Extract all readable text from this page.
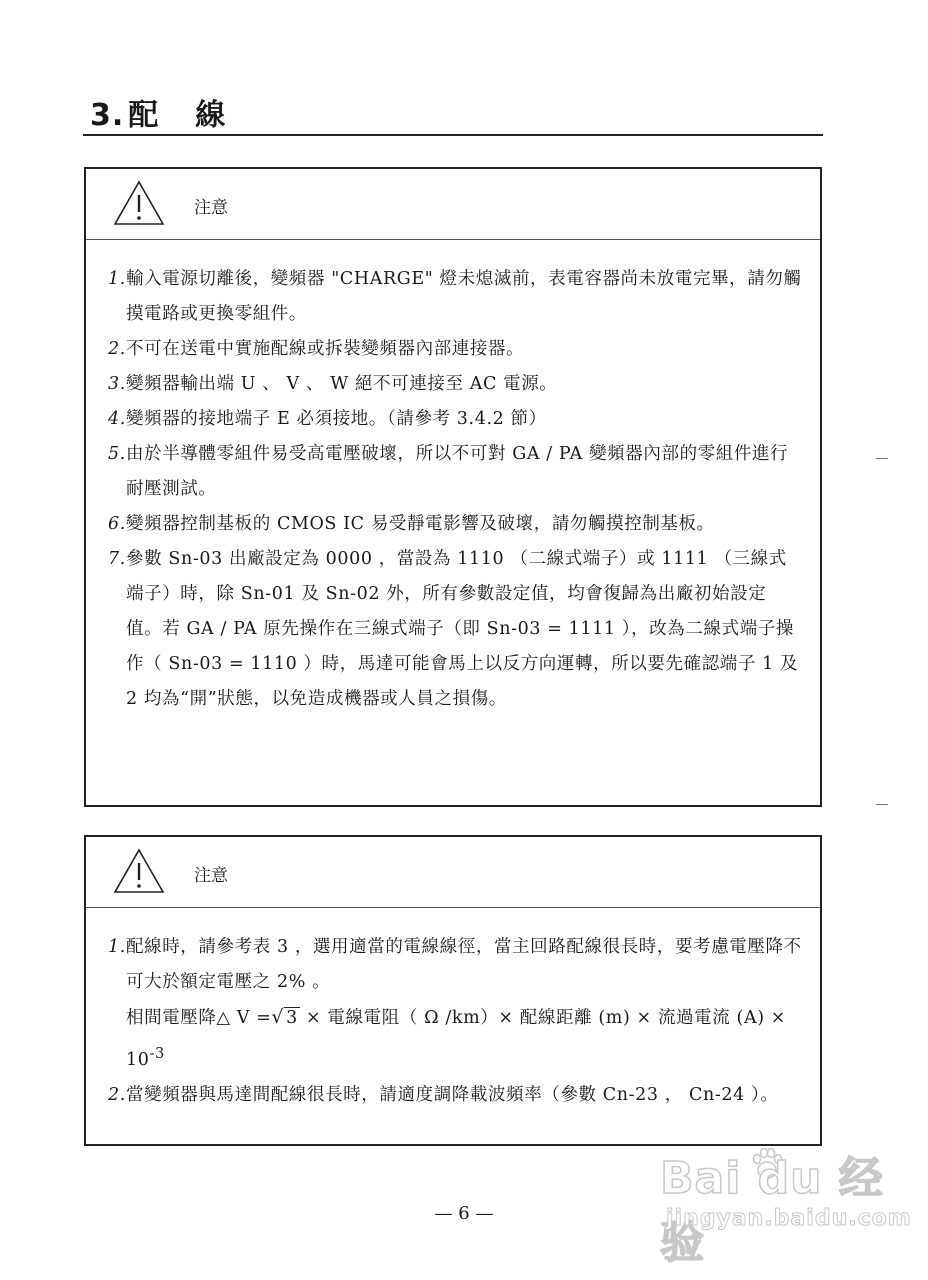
3. 配 線
注意
1. 輸入電源切離後，變頻器 "CHARGE" 燈未熄滅前，表電容器尚未放電完畢，請勿觸摸電路或更換零組件。
2. 不可在送電中實施配線或拆裝變頻器內部連接器。
3. 變頻器輸出端 U 、 V 、 W 絕不可連接至 AC 電源。
4. 變頻器的接地端子 E 必須接地。（請參考 3.4.2 節）
5. 由於半導體零組件易受高電壓破壞，所以不可對 GA / PA 變頻器內部的零組件進行耐壓測試。
6. 變頻器控制基板的 CMOS IC 易受靜電影響及破壞，請勿觸摸控制基板。
7. 參數 Sn-03 出廠設定為 0000 ，當設為 1110 （二線式端子）或 1111 （三線式端子）時，除 Sn-01 及 Sn-02 外，所有參數設定值，均會復歸為出廠初始設定值。若 GA / PA 原先操作在三線式端子（即 Sn-03 = 1111 ），改為二線式端子操作（ Sn-03 = 1110 ）時，馬達可能會馬上以反方向運轉，所以要先確認端子 1 及 2 均為“開”狀態，以免造成機器或人員之損傷。
注意
1. 配線時，請參考表 3 ，選用適當的電線線徑，當主回路配線很長時，要考慮電壓降不可大於額定電壓之 2% 。
相間電壓降△ V =√ 3 × 電線電阻（ Ω /km）× 配線距離 (m) × 流過電流 $(A) \times 10^{-3}$
2. 當變頻器與馬達間配線很長時，請適度調降載波頻率（參數 Cn-23 ， Cn-24 ）。
— 6 —
Bai du 经验
jingyan.baidu.com
